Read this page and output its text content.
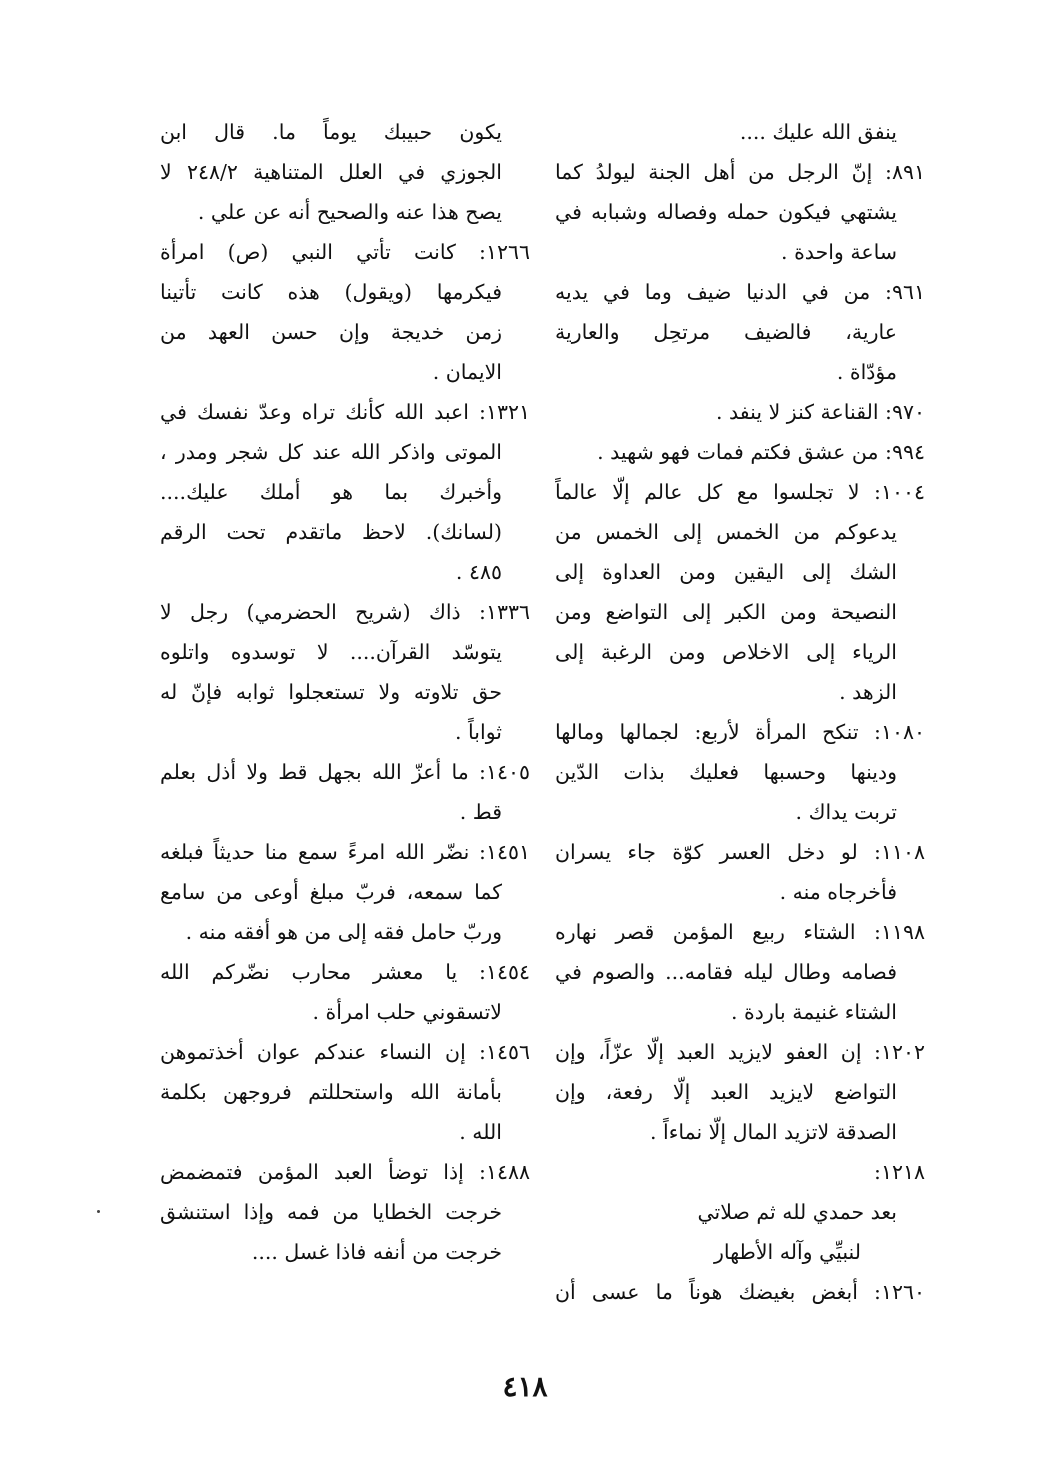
ينفق الله عليك ....
٨٩١: إنّ الرجل من أهل الجنة ليولدُ كما
يشتهي فيكون حمله وفصاله وشبابه في
ساعة واحدة .
٩٦١: من في الدنيا ضيف وما في يديه
عارية، فالضيف مرتحِل والعارية
مؤدّاة .
٩٧٠: القناعة كنز لا ينفد .
٩٩٤: من عشق فكتم فمات فهو شهيد .
١٠٠٤: لا تجلسوا مع كل عالم إلّا عالماً
يدعوكم من الخمس إلى الخمس من
الشك إلى اليقين ومن العداوة إلى
النصيحة ومن الكبر إلى التواضع ومن
الرياء إلى الاخلاص ومن الرغبة إلى
الزهد .
١٠٨٠: تنكح المرأة لأربع: لجمالها ومالها
ودينها وحسبها فعليك بذات الدّين
تربت يداك .
١١٠٨: لو دخل العسر كوّة جاء يسران
فأخرجاه منه .
١١٩٨: الشتاء ربيع المؤمن قصر نهاره
فصامه وطال ليله فقامه... والصوم في
الشتاء غنيمة باردة .
١٢٠٢: إن العفو لايزيد العبد إلّا عزّاً، وإن
التواضع لايزيد العبد إلّا رفعة، وإن
الصدقة لاتزيد المال إلّا نماءاً .
١٢١٨:
بعد حمدي لله ثم صلاتي
لنبيِّي وآله الأطهار
١٢٦٠: أبغض بغيضك هوناً ما عسى أن
يكون حبيبك يوماً ما. قال ابن
الجوزي في العلل المتناهية ٢٤٨/٢ لا
يصح هذا عنه والصحيح أنه عن علي .
١٢٦٦: كانت تأتي النبي (ص) امرأة
فيكرمها (ويقول) هذه كانت تأتينا
زمن خديجة وإن حسن العهد من
الايمان .
١٣٢١: اعبد الله كأنك تراه وعدّ نفسك في
الموتى واذكر الله عند كل شجر ومدر ،
وأخبرك بما هو أملك عليك....
(لسانك). لاحظ ماتقدم تحت الرقم
٤٨٥ .
١٣٣٦: ذاك (شريح الحضرمي) رجل لا
يتوسّد القرآن.... لا توسدوه واتلوه
حق تلاوته ولا تستعجلوا ثوابه فإنّ له
ثواباً .
١٤٠٥: ما أعزّ الله بجهل قط ولا أذل بعلم
قط .
١٤٥١: نضّر الله امرءً سمع منا حديثاً فبلغه
كما سمعه، فربّ مبلغ أوعى من سامع
وربّ حامل فقه إلى من هو أفقه منه .
١٤٥٤: يا معشر محارب نضّركم الله
لاتسقوني حلب امرأة .
١٤٥٦: إن النساء عندكم عوان أخذتموهن
بأمانة الله واستحللتم فروجهن بكلمة
الله .
١٤٨٨: إذا توضأ العبد المؤمن فتمضمض
خرجت الخطايا من فمه وإذا استنشق
خرجت من أنفه فاذا غسل ....
٤١٨
